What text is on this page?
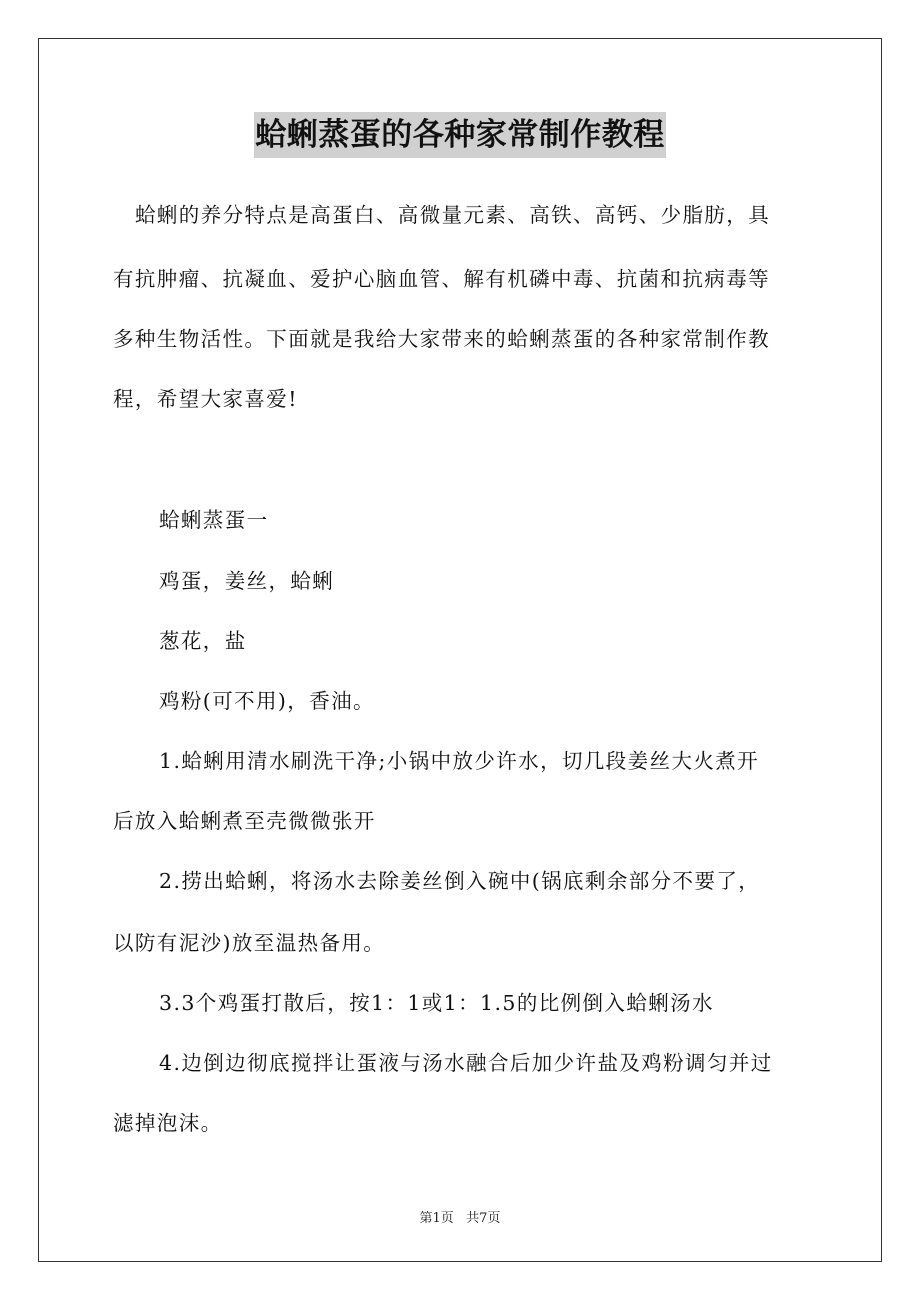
蛤蜊蒸蛋的各种家常制作教程
蛤蜊的养分特点是高蛋白、高微量元素、高铁、高钙、少脂肪，具
有抗肿瘤、抗凝血、爱护心脑血管、解有机磷中毒、抗菌和抗病毒等
多种生物活性。下面就是我给大家带来的蛤蜊蒸蛋的各种家常制作教
程，希望大家喜爱!
蛤蜊蒸蛋一
鸡蛋，姜丝，蛤蜊
葱花，盐
鸡粉(可不用)，香油。
1.蛤蜊用清水刷洗干净;小锅中放少许水，切几段姜丝大火煮开
后放入蛤蜊煮至壳微微张开
2.捞出蛤蜊，将汤水去除姜丝倒入碗中(锅底剩余部分不要了，
以防有泥沙)放至温热备用。
3.3个鸡蛋打散后，按1：1或1：1.5的比例倒入蛤蜊汤水
4.边倒边彻底搅拌让蛋液与汤水融合后加少许盐及鸡粉调匀并过
滤掉泡沫。
第1页   共7页
